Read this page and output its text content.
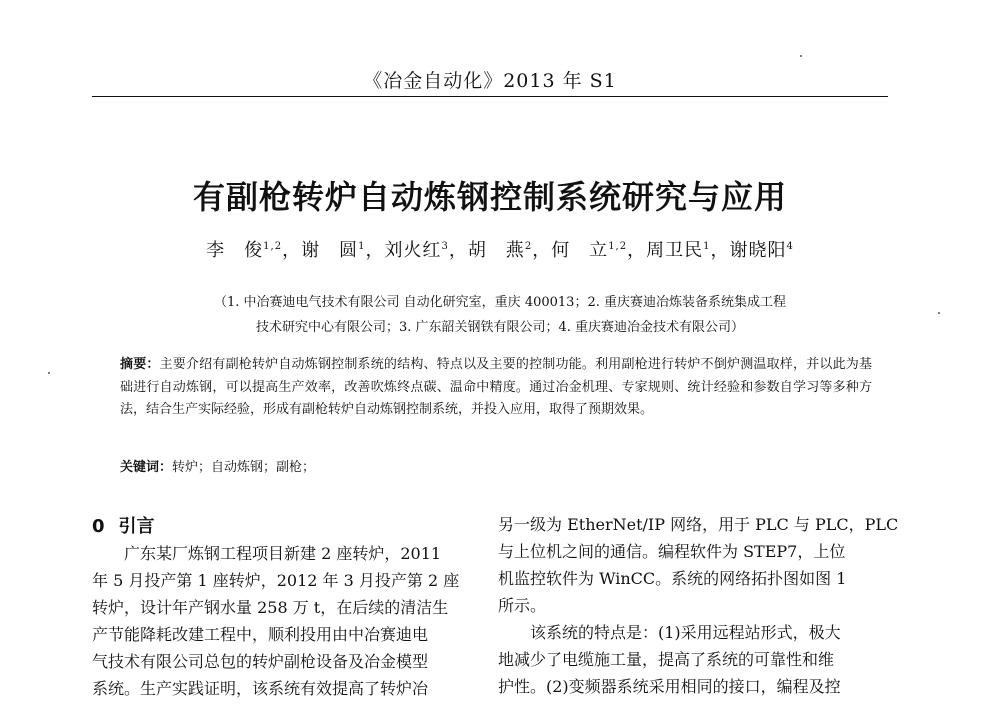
《冶金自动化》2013 年 S1
有副枪转炉自动炼钢控制系统研究与应用
李　俊$^{1,2}$，谢　圆$^1$，刘火红$^3$，胡　燕$^2$，何　立$^{1,2}$，周卫民$^1$，谢晓阳$^4$
（1. 中冶赛迪电气技术有限公司 自动化研究室，重庆 400013；2. 重庆赛迪冶炼装备系统集成工程
技术研究中心有限公司；3. 广东韶关钢铁有限公司；4. 重庆赛迪冶金技术有限公司）
摘要：主要介绍有副枪转炉自动炼钢控制系统的结构、特点以及主要的控制功能。利用副枪进行转炉不倒炉测温取样，并以此为基础进行自动炼钢，可以提高生产效率，改善吹炼终点碳、温命中精度。通过冶金机理、专家规则、统计经验和参数自学习等多种方法，结合生产实际经验，形成有副枪转炉自动炼钢控制系统，并投入应用，取得了预期效果。
关键词：转炉；自动炼钢；副枪；
0 引言
广东某厂炼钢工程项目新建 2 座转炉，2011
年 5 月投产第 1 座转炉，2012 年 3 月投产第 2 座
转炉，设计年产钢水量 258 万 t，在后续的清洁生
产节能降耗改建工程中，顺利投用由中冶赛迪电
气技术有限公司总包的转炉副枪设备及冶金模型
系统。生产实践证明，该系统有效提高了转炉冶
另一级为 EtherNet/IP 网络，用于 PLC 与 PLC，PLC
与上位机之间的通信。编程软件为 STEP7，上位
机监控软件为 WinCC。系统的网络拓扑图如图 1
所示。
该系统的特点是：(1)采用远程站形式，极大
地减少了电缆施工量，提高了系统的可靠性和维
护性。(2)变频器系统采用相同的接口，编程及控
